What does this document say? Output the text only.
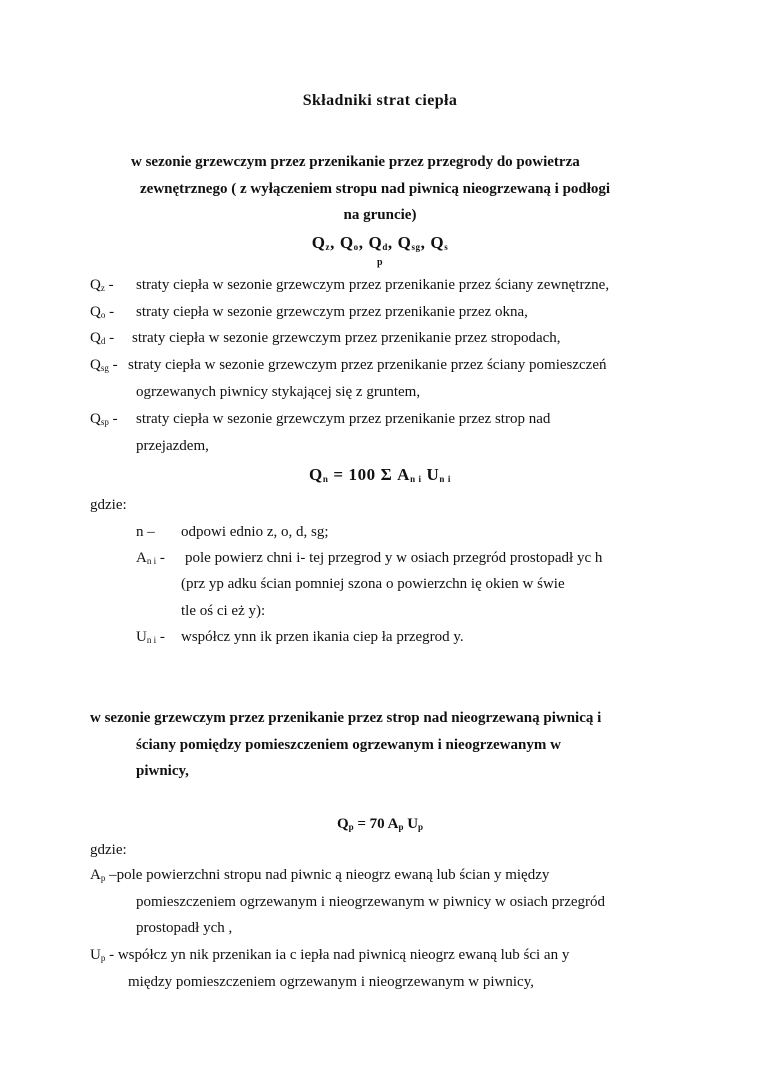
Składniki strat ciepła
w sezonie grzewczym przez przenikanie przez przegrody do powietrza
zewnętrznego ( z wyłączeniem stropu nad piwnicą nieogrzewaną i podłogi
na gruncie)
$Q_z$, $Q_o$, $Q_d$, $Q_{sg}$, $Q_s$
p
$Q_z$ - straty ciepła w sezonie grzewczym przez przenikanie przez ściany zewnętrzne,
$Q_o$ - straty ciepła w sezonie grzewczym przez przenikanie przez okna,
$Q_d$ - straty ciepła w sezonie grzewczym przez przenikanie przez stropodach,
$Q_{sg}$ - straty ciepła w sezonie grzewczym przez przenikanie przez ściany pomieszczeń
ogrzewanych piwnicy stykającej się z gruntem,
$Q_{sp}$ - straty ciepła w sezonie grzewczym przez przenikanie przez strop nad
przejazdem,
$Q_n = 100$ Σ $A_{n i}$ $U_{n i}$
gdzie:
n – odpowi ednio z, o, d, sg;
$A_{n i}$ - pole powierz chni i- tej przegrod y w osiach przegród prostopadł yc h
(prz yp adku ścian pomniej szona o powierzchn ię okien w świe
tle oś ci eż y):
$U_{n i}$ - współcz ynn ik przen ikania ciep ła przegrod y.
w sezonie grzewczym przez przenikanie przez strop nad nieogrzewaną piwnicą i
ściany pomiędzy pomieszczeniem ogrzewanym i nieogrzewanym w
piwnicy,
$Q_p = 70$ $A_p$ $U_p$
gdzie:
$A_p$ –pole powierzchni stropu nad piwnic ą nieogrz ewaną lub ścian y między
pomieszczeniem ogrzewanym i nieogrzewanym w piwnicy w osiach przegród
prostopadł ych ,
$U_p$ - współcz yn nik przenikan ia c iepła nad piwnicą nieogrz ewaną lub ści an y
między pomieszczeniem ogrzewanym i nieogrzewanym w piwnicy,
